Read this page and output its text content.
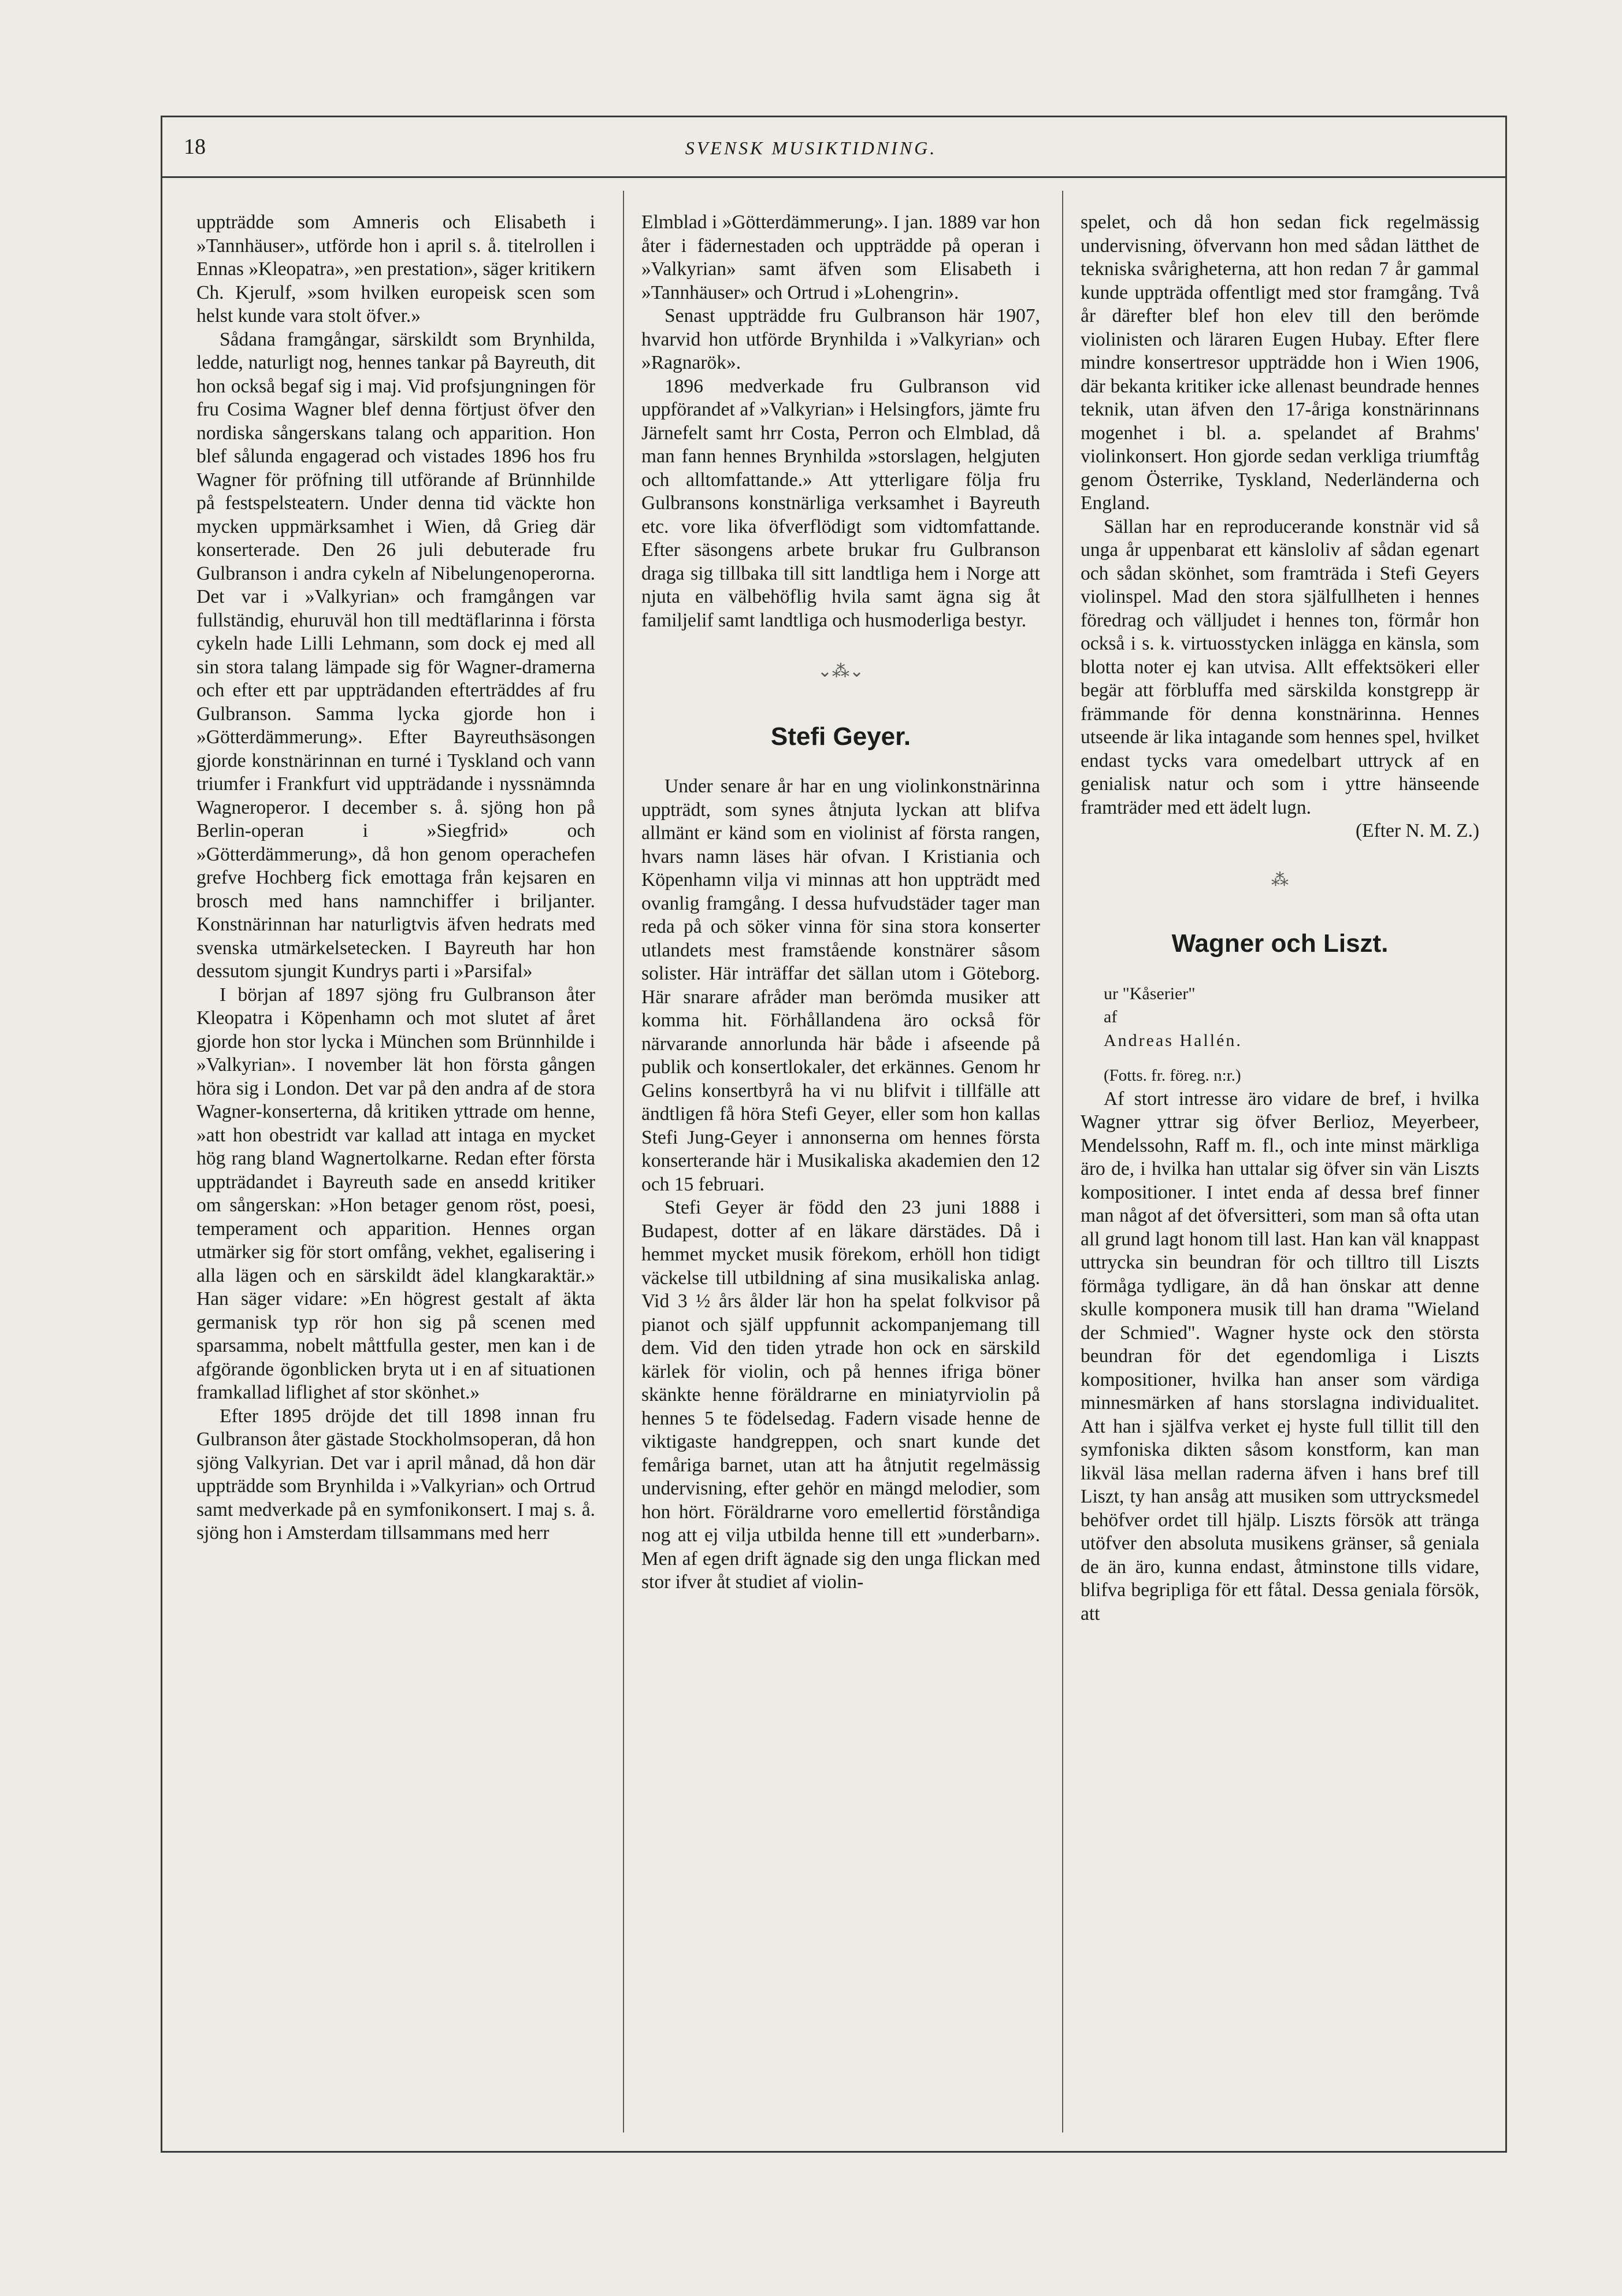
18	SVENSK MUSIKTIDNING.

uppträdde som Amneris och Elisabeth i »Tannhäuser», utförde hon i april s. å. titelrollen i Ennas »Kleopatra», »en prestation», säger kritikern Ch. Kjerulf, »som hvilken europeisk scen som helst kunde vara stolt öfver.»

Sådana framgångar, särskildt som Brynhilda, ledde, naturligt nog, hennes tankar på Bayreuth, dit hon också begaf sig i maj. Vid profsjungningen för fru Cosima Wagner blef denna förtjust öfver den nordiska sångerskans talang och apparition. Hon blef sålunda engagerad och vistades 1896 hos fru Wagner för pröfning till utförande af Brünnhilde på festspelsteatern. Under denna tid väckte hon mycken uppmärksamhet i Wien, då Grieg där konserterade. Den 26 juli debuterade fru Gulbranson i andra cykeln af Nibelungenoperorna. Det var i »Valkyrian» och framgången var fullständig, ehuruväl hon till medtäflarinna i första cykeln hade Lilli Lehmann, som dock ej med all sin stora talang lämpade sig för Wagner-dramerna och efter ett par uppträdanden efterträddes af fru Gulbranson. Samma lycka gjorde hon i »Götterdämmerung». Efter Bayreuthsäsongen gjorde konstnärinnan en turné i Tyskland och vann triumfer i Frankfurt vid uppträdande i nyssnämnda Wagneroperor. I december s. å. sjöng hon på Berlin-operan i »Siegfrid» och »Götterdämmerung», då hon genom operachefen grefve Hochberg fick emottaga från kejsaren en brosch med hans namnchiffer i briljanter. Konstnärinnan har naturligtvis äfven hedrats med svenska utmärkelsetecken. I Bayreuth har hon dessutom sjungit Kundrys parti i »Parsifal»

I början af 1897 sjöng fru Gulbranson åter Kleopatra i Köpenhamn och mot slutet af året gjorde hon stor lycka i München som Brünnhilde i »Valkyrian». I november lät hon första gången höra sig i London. Det var på den andra af de stora Wagner-konserterna, då kritiken yttrade om henne, »att hon obestridt var kallad att intaga en mycket hög rang bland Wagnertolkarne. Redan efter första uppträdandet i Bayreuth sade en ansedd kritiker om sångerskan: »Hon betager genom röst, poesi, temperament och apparition. Hennes organ utmärker sig för stort omfång, vekhet, egalisering i alla lägen och en särskildt ädel klangkaraktär.» Han säger vidare: »En högrest gestalt af äkta germanisk typ rör hon sig på scenen med sparsamma, nobelt måttfulla gester, men kan i de afgörande ögonblicken bryta ut i en af situationen framkallad liflighet af stor skönhet.»

Efter 1895 dröjde det till 1898 innan fru Gulbranson åter gästade Stockholmsoperan, då hon sjöng Valkyrian. Det var i april månad, då hon där uppträdde som Brynhilda i »Valkyrian» och Ortrud samt medverkade på en symfonikonsert. I maj s. å. sjöng hon i Amsterdam tillsammans med herr

Elmblad i »Götterdämmerung». I jan. 1889 var hon åter i fädernestaden och uppträdde på operan i »Valkyrian» samt äfven som Elisabeth i »Tannhäuser» och Ortrud i »Lohengrin».

Senast uppträdde fru Gulbranson här 1907, hvarvid hon utförde Brynhilda i »Valkyrian» och »Ragnarök».

1896 medverkade fru Gulbranson vid uppförandet af »Valkyrian» i Helsingfors, jämte fru Järnefelt samt hrr Costa, Perron och Elmblad, då man fann hennes Brynhilda »storslagen, helgjuten och alltomfattande.» Att ytterligare följa fru Gulbransons konstnärliga verksamhet i Bayreuth etc. vore lika öfverflödigt som vidtomfattande. Efter säsongens arbete brukar fru Gulbranson draga sig tillbaka till sitt landtliga hem i Norge att njuta en välbehöflig hvila samt ägna sig åt familjelif samt landtliga och husmoderliga bestyr.

⌄⁂⌄
Stefi Geyer.

Under senare år har en ung violinkonstnärinna uppträdt, som synes åtnjuta lyckan att blifva allmänt er känd som en violinist af första rangen, hvars namn läses här ofvan. I Kristiania och Köpenhamn vilja vi minnas att hon uppträdt med ovanlig framgång. I dessa hufvudstäder tager man reda på och söker vinna för sina stora konserter utlandets mest framstående konstnärer såsom solister. Här inträffar det sällan utom i Göteborg. Här snarare afråder man berömda musiker att komma hit. Förhållandena äro också för närvarande annorlunda här både i afseende på publik och konsertlokaler, det erkännes. Genom hr Gelins konsertbyrå ha vi nu blifvit i tillfälle att ändtligen få höra Stefi Geyer, eller som hon kallas Stefi Jung-Geyer i annonserna om hennes första konserterande här i Musikaliska akademien den 12 och 15 februari.

Stefi Geyer är född den 23 juni 1888 i Budapest, dotter af en läkare därstädes. Då i hemmet mycket musik förekom, erhöll hon tidigt väckelse till utbildning af sina musikaliska anlag. Vid 3 ½ års ålder lär hon ha spelat folkvisor på pianot och själf uppfunnit ackompanjemang till dem. Vid den tiden ytrade hon ock en särskild kärlek för violin, och på hennes ifriga böner skänkte henne föräldrarne en miniatyrviolin på hennes 5 te födelsedag. Fadern visade henne de viktigaste handgreppen, och snart kunde det femåriga barnet, utan att ha åtnjutit regelmässig undervisning, efter gehör en mängd melodier, som hon hört. Föräldrarne voro emellertid förståndiga nog att ej vilja utbilda henne till ett »underbarn». Men af egen drift ägnade sig den unga flickan med stor ifver åt studiet af violin-

spelet, och då hon sedan fick regelmässig undervisning, öfvervann hon med sådan lätthet de tekniska svårigheterna, att hon redan 7 år gammal kunde uppträda offentligt med stor framgång. Två år därefter blef hon elev till den berömde violinisten och läraren Eugen Hubay. Efter flere mindre konsertresor uppträdde hon i Wien 1906, där bekanta kritiker icke allenast beundrade hennes teknik, utan äfven den 17-åriga konstnärinnans mogenhet i bl. a. spelandet af Brahms' violinkonsert. Hon gjorde sedan verkliga triumftåg genom Österrike, Tyskland, Nederländerna och England.

Sällan har en reproducerande konstnär vid så unga år uppenbarat ett känsloliv af sådan egenart och sådan skönhet, som framträda i Stefi Geyers violinspel. Mad den stora själfullheten i hennes föredrag och välljudet i hennes ton, förmår hon också i s. k. virtuosstycken inlägga en känsla, som blotta noter ej kan utvisa. Allt effektsökeri eller begär att förbluffa med särskilda konstgrepp är främmande för denna konstnärinna. Hennes utseende är lika intagande som hennes spel, hvilket endast tycks vara omedelbart uttryck af en genialisk natur och som i yttre hänseende framträder med ett ädelt lugn.

(Efter N. M. Z.)

⁂
Wagner och Liszt.

ur "Kåserier"

af

Andreas Hallén.

(Fotts. fr. föreg. n:r.)

Af stort intresse äro vidare de bref, i hvilka Wagner yttrar sig öfver Berlioz, Meyerbeer, Mendelssohn, Raff m. fl., och inte minst märkliga äro de, i hvilka han uttalar sig öfver sin vän Liszts kompositioner. I intet enda af dessa bref finner man något af det öfversitteri, som man så ofta utan all grund lagt honom till last. Han kan väl knappast uttrycka sin beundran för och tilltro till Liszts förmåga tydligare, än då han önskar att denne skulle komponera musik till han drama "Wieland der Schmied". Wagner hyste ock den största beundran för det egendomliga i Liszts kompositioner, hvilka han anser som värdiga minnesmärken af hans storslagna individualitet. Att han i själfva verket ej hyste full tillit till den symfoniska dikten såsom konstform, kan man likväl läsa mellan raderna äfven i hans bref till Liszt, ty han ansåg att musiken som uttrycksmedel behöfver ordet till hjälp. Liszts försök att tränga utöfver den absoluta musikens gränser, så geniala de än äro, kunna endast, åtminstone tills vidare, blifva begripliga för ett fåtal. Dessa geniala försök, att
